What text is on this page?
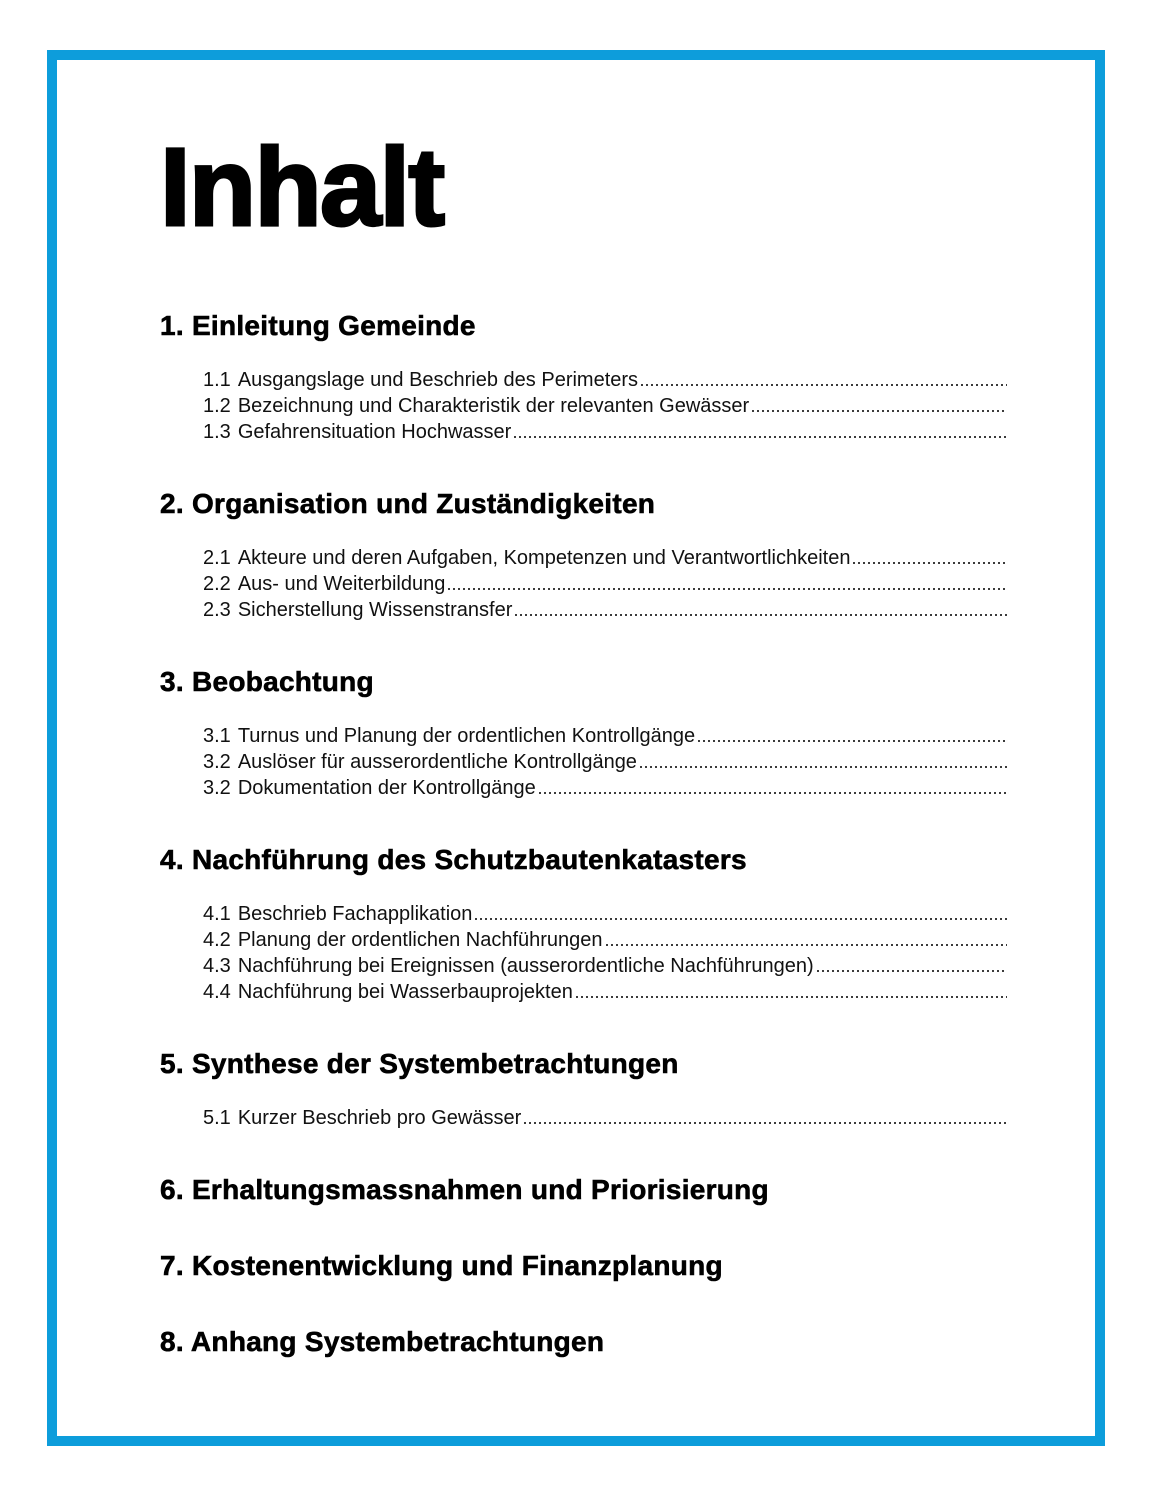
Inhalt
1. Einleitung Gemeinde
1.1 Ausgangslage und Beschrieb des Perimeters
1.2 Bezeichnung und Charakteristik der relevanten Gewässer
1.3 Gefahrensituation Hochwasser
2. Organisation und Zuständigkeiten
2.1 Akteure und deren Aufgaben, Kompetenzen und Verantwortlichkeiten
2.2 Aus- und Weiterbildung
2.3 Sicherstellung Wissenstransfer
3. Beobachtung
3.1 Turnus und Planung der ordentlichen Kontrollgänge
3.2 Auslöser für ausserordentliche Kontrollgänge
3.2 Dokumentation der Kontrollgänge
4. Nachführung des Schutzbautenkatasters
4.1 Beschrieb Fachapplikation
4.2 Planung der ordentlichen Nachführungen
4.3 Nachführung bei Ereignissen (ausserordentliche Nachführungen)
4.4 Nachführung bei Wasserbauprojekten
5. Synthese der Systembetrachtungen
5.1 Kurzer Beschrieb pro Gewässer
6. Erhaltungsmassnahmen und Priorisierung
7. Kostenentwicklung und Finanzplanung
8. Anhang Systembetrachtungen
